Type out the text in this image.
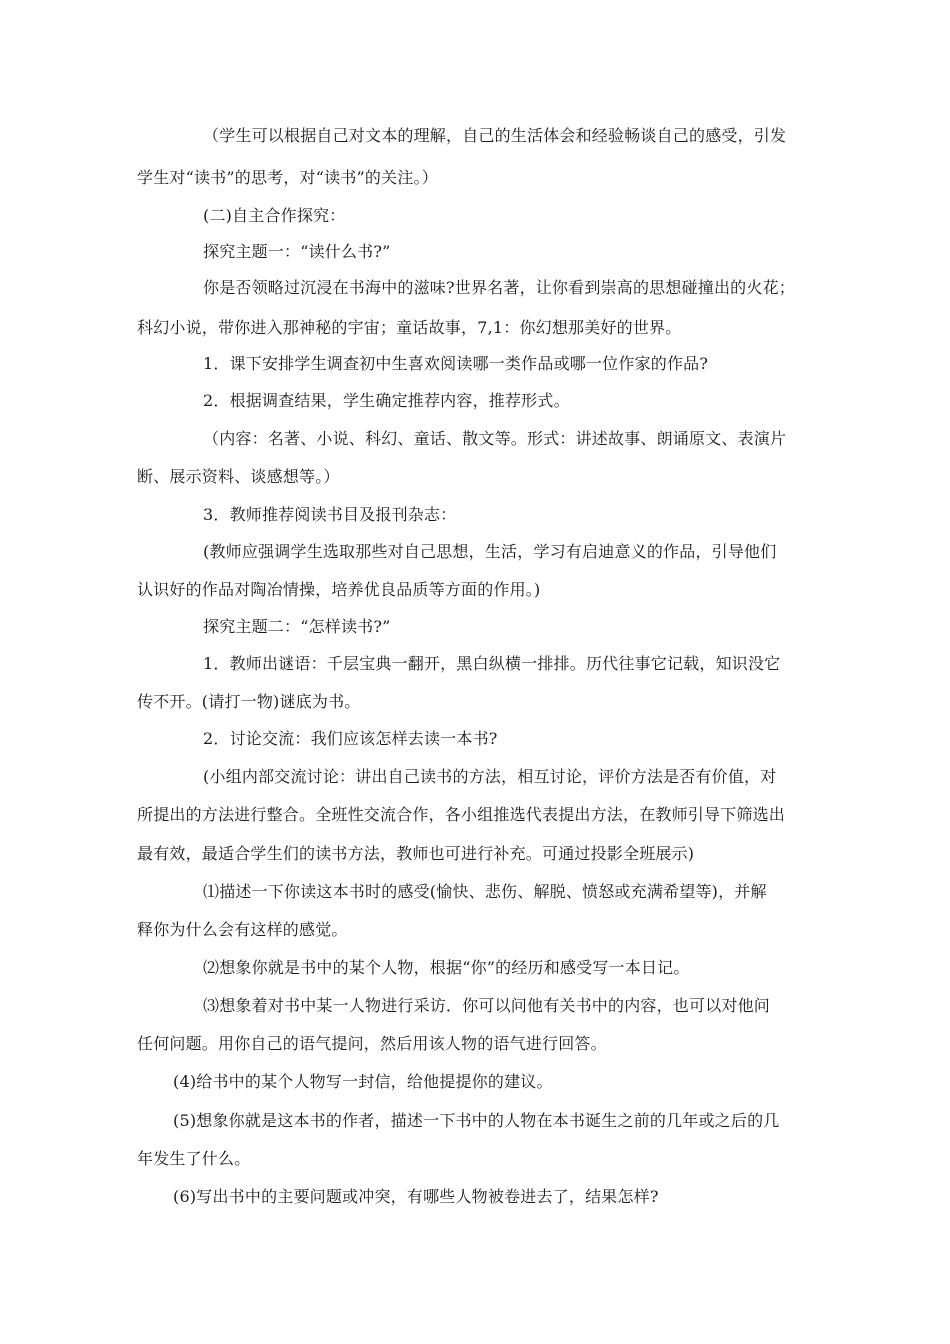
（学生可以根据自己对文本的理解，自己的生活体会和经验畅谈自己的感受，引发
学生对“读书”的思考，对“读书”的关注。）
(二)自主合作探究：
探究主题一：“读什么书?”
你是否领略过沉浸在书海中的滋味?世界名著，让你看到崇高的思想碰撞出的火花；
科幻小说，带你进入那神秘的宇宙；童话故事，7,1：你幻想那美好的世界。
1．课下安排学生调查初中生喜欢阅读哪一类作品或哪一位作家的作品?
2．根据调查结果，学生确定推荐内容，推荐形式。
（内容：名著、小说、科幻、童话、散文等。形式：讲述故事、朗诵原文、表演片
断、展示资料、谈感想等。）
3．教师推荐阅读书目及报刊杂志：
(教师应强调学生选取那些对自己思想，生活，学习有启迪意义的作品，引导他们
认识好的作品对陶冶情操，培养优良品质等方面的作用。)
探究主题二：“怎样读书?”
1．教师出谜语：千层宝典一翻开，黑白纵横一排排。历代往事它记载，知识没它
传不开。(请打一物)谜底为书。
2．讨论交流：我们应该怎样去读一本书?
(小组内部交流讨论：讲出自己读书的方法，相互讨论，评价方法是否有价值，对
所提出的方法进行整合。全班性交流合作，各小组推选代表提出方法，在教师引导下筛选出
最有效，最适合学生们的读书方法，教师也可进行补充。可通过投影全班展示)
⑴描述一下你读这本书时的感受(愉快、悲伤、解脱、愤怒或充满希望等)，并解
释你为什么会有这样的感觉。
⑵想象你就是书中的某个人物，根据“你”的经历和感受写一本日记。
⑶想象着对书中某一人物进行采访．你可以问他有关书中的内容，也可以对他问
任何问题。用你自己的语气提问，然后用该人物的语气进行回答。
(4)给书中的某个人物写一封信，给他提提你的建议。
(5)想象你就是这本书的作者，描述一下书中的人物在本书诞生之前的几年或之后的几
年发生了什么。
(6)写出书中的主要问题或冲突，有哪些人物被卷进去了，结果怎样?
